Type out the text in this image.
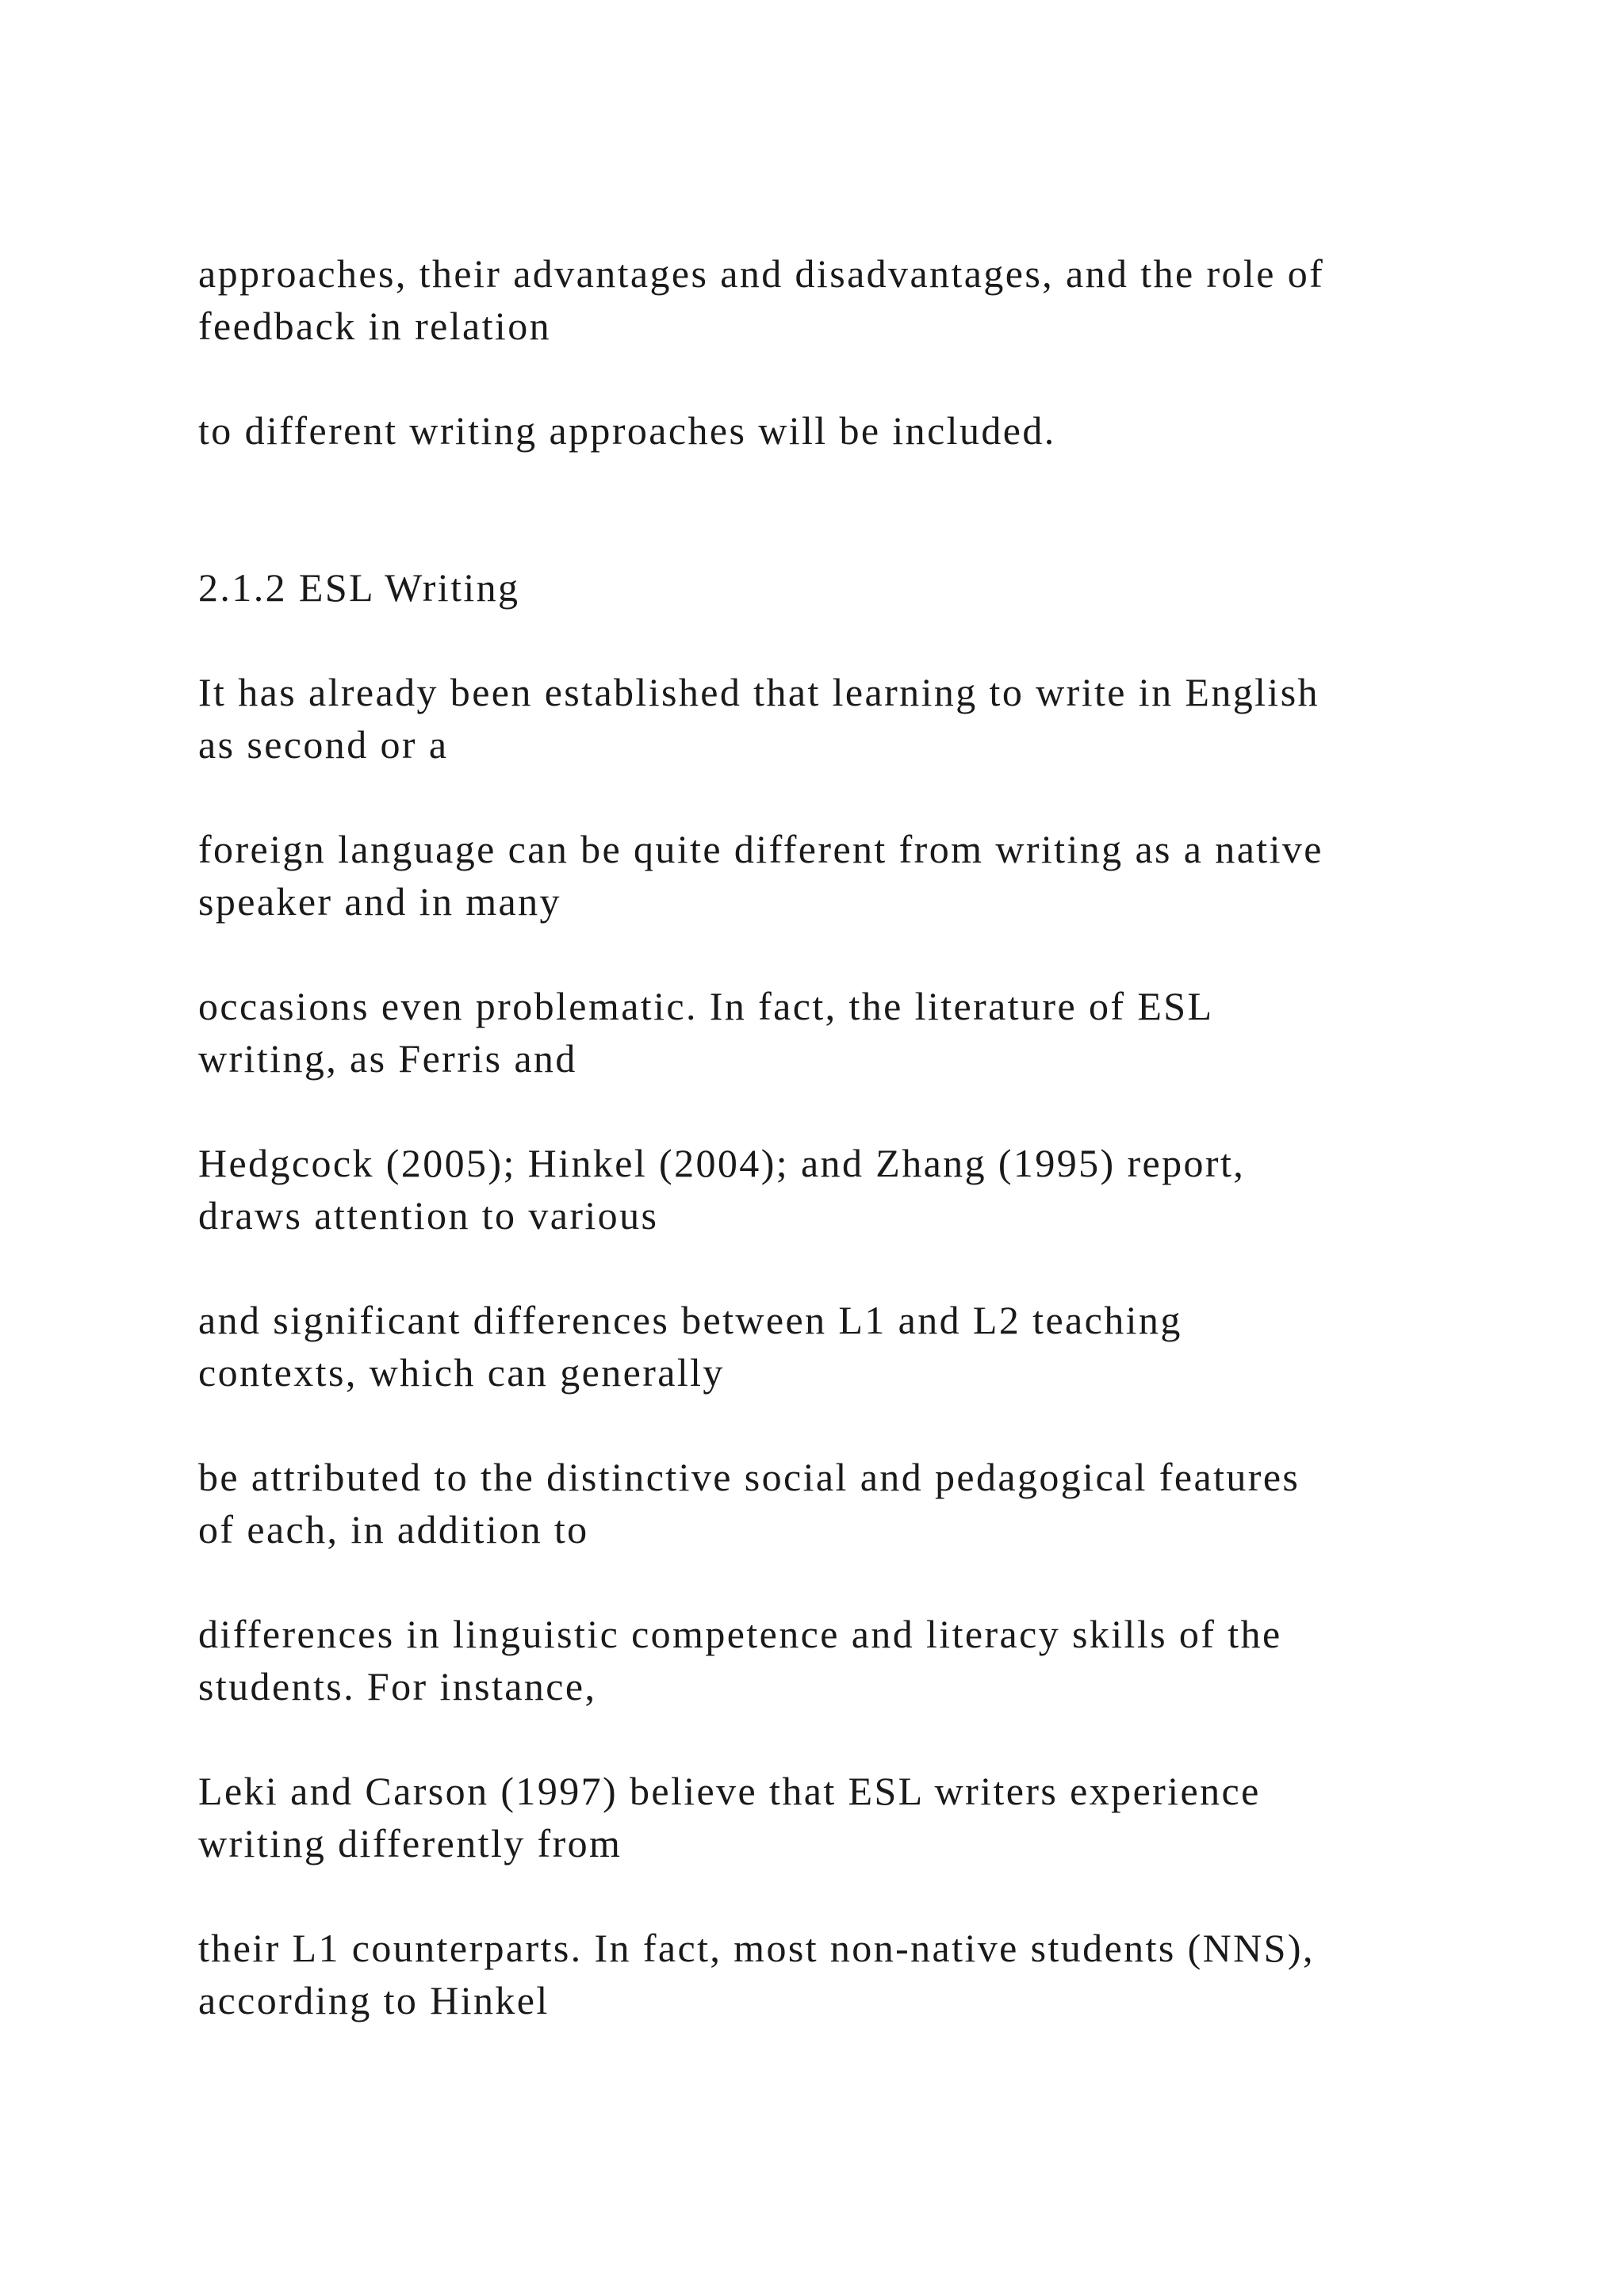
approaches, their advantages and disadvantages, and the role of

feedback in relation

to different writing approaches will be included.

2.1.2 ESL Writing

It has already been established that learning to write in English

as second or a

foreign language can be quite different from writing as a native

speaker and in many

occasions even problematic. In fact, the literature of ESL

writing, as Ferris and

Hedgcock (2005); Hinkel (2004); and Zhang (1995) report,

draws attention to various

and significant differences between L1 and L2 teaching

contexts, which can generally

be attributed to the distinctive social and pedagogical features

of each, in addition to

differences in linguistic competence and literacy skills of the

students. For instance,

Leki and Carson (1997) believe that ESL writers experience

writing differently from

their L1 counterparts. In fact, most non-native students (NNS),

according to Hinkel
